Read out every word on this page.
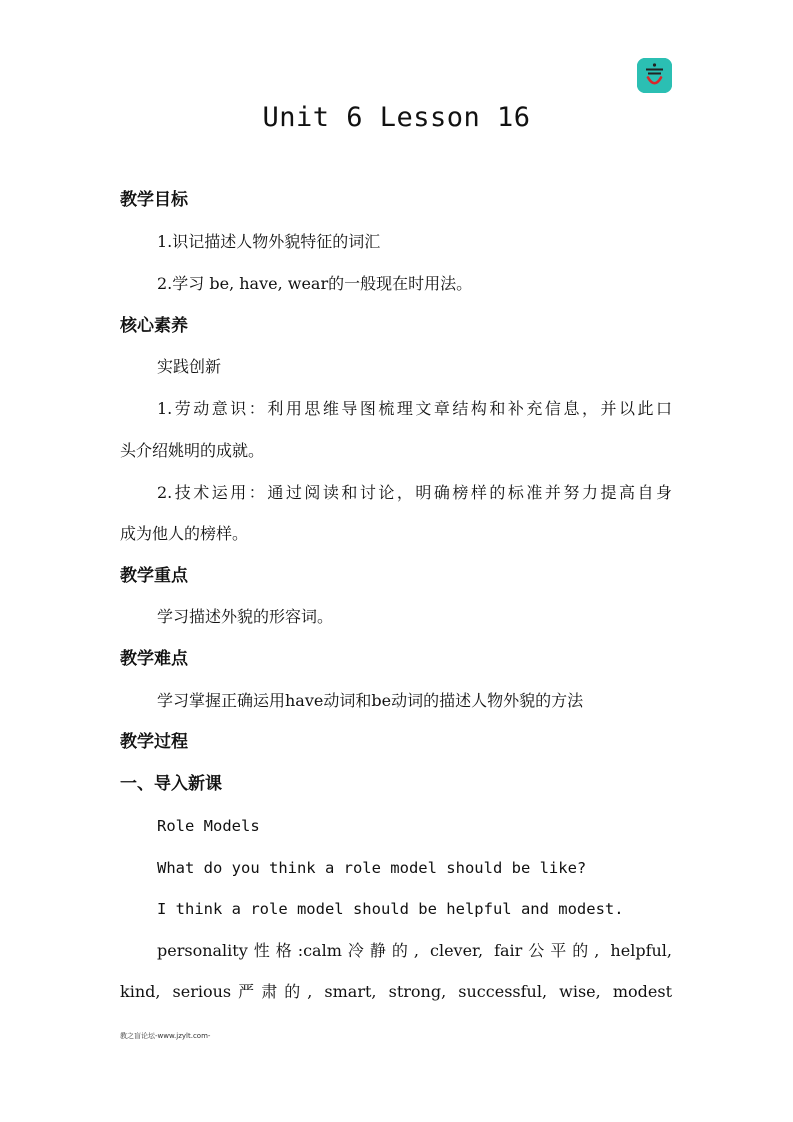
Unit 6 Lesson 16
教学目标
1.识记描述人物外貌特征的词汇
2.学习 be, have, wear的一般现在时用法。
核心素养
实践创新
1.劳动意识：利用思维导图梳理文章结构和补充信息，并以此口
头介绍姚明的成就。
2.技术运用：通过阅读和讨论，明确榜样的标准并努力提高自身
成为他人的榜样。
教学重点
学习描述外貌的形容词。
教学难点
学习掌握正确运用have动词和be动词的描述人物外貌的方法
教学过程
一、导入新课
Role Models
What do you think a role model should be like?
I think a role model should be helpful and modest.
personality性格:calm冷静的, clever, fair公平的, helpful,
kind, serious严肃的, smart, strong, successful, wise, modest
教之盲论坛-www.jzylt.com-
